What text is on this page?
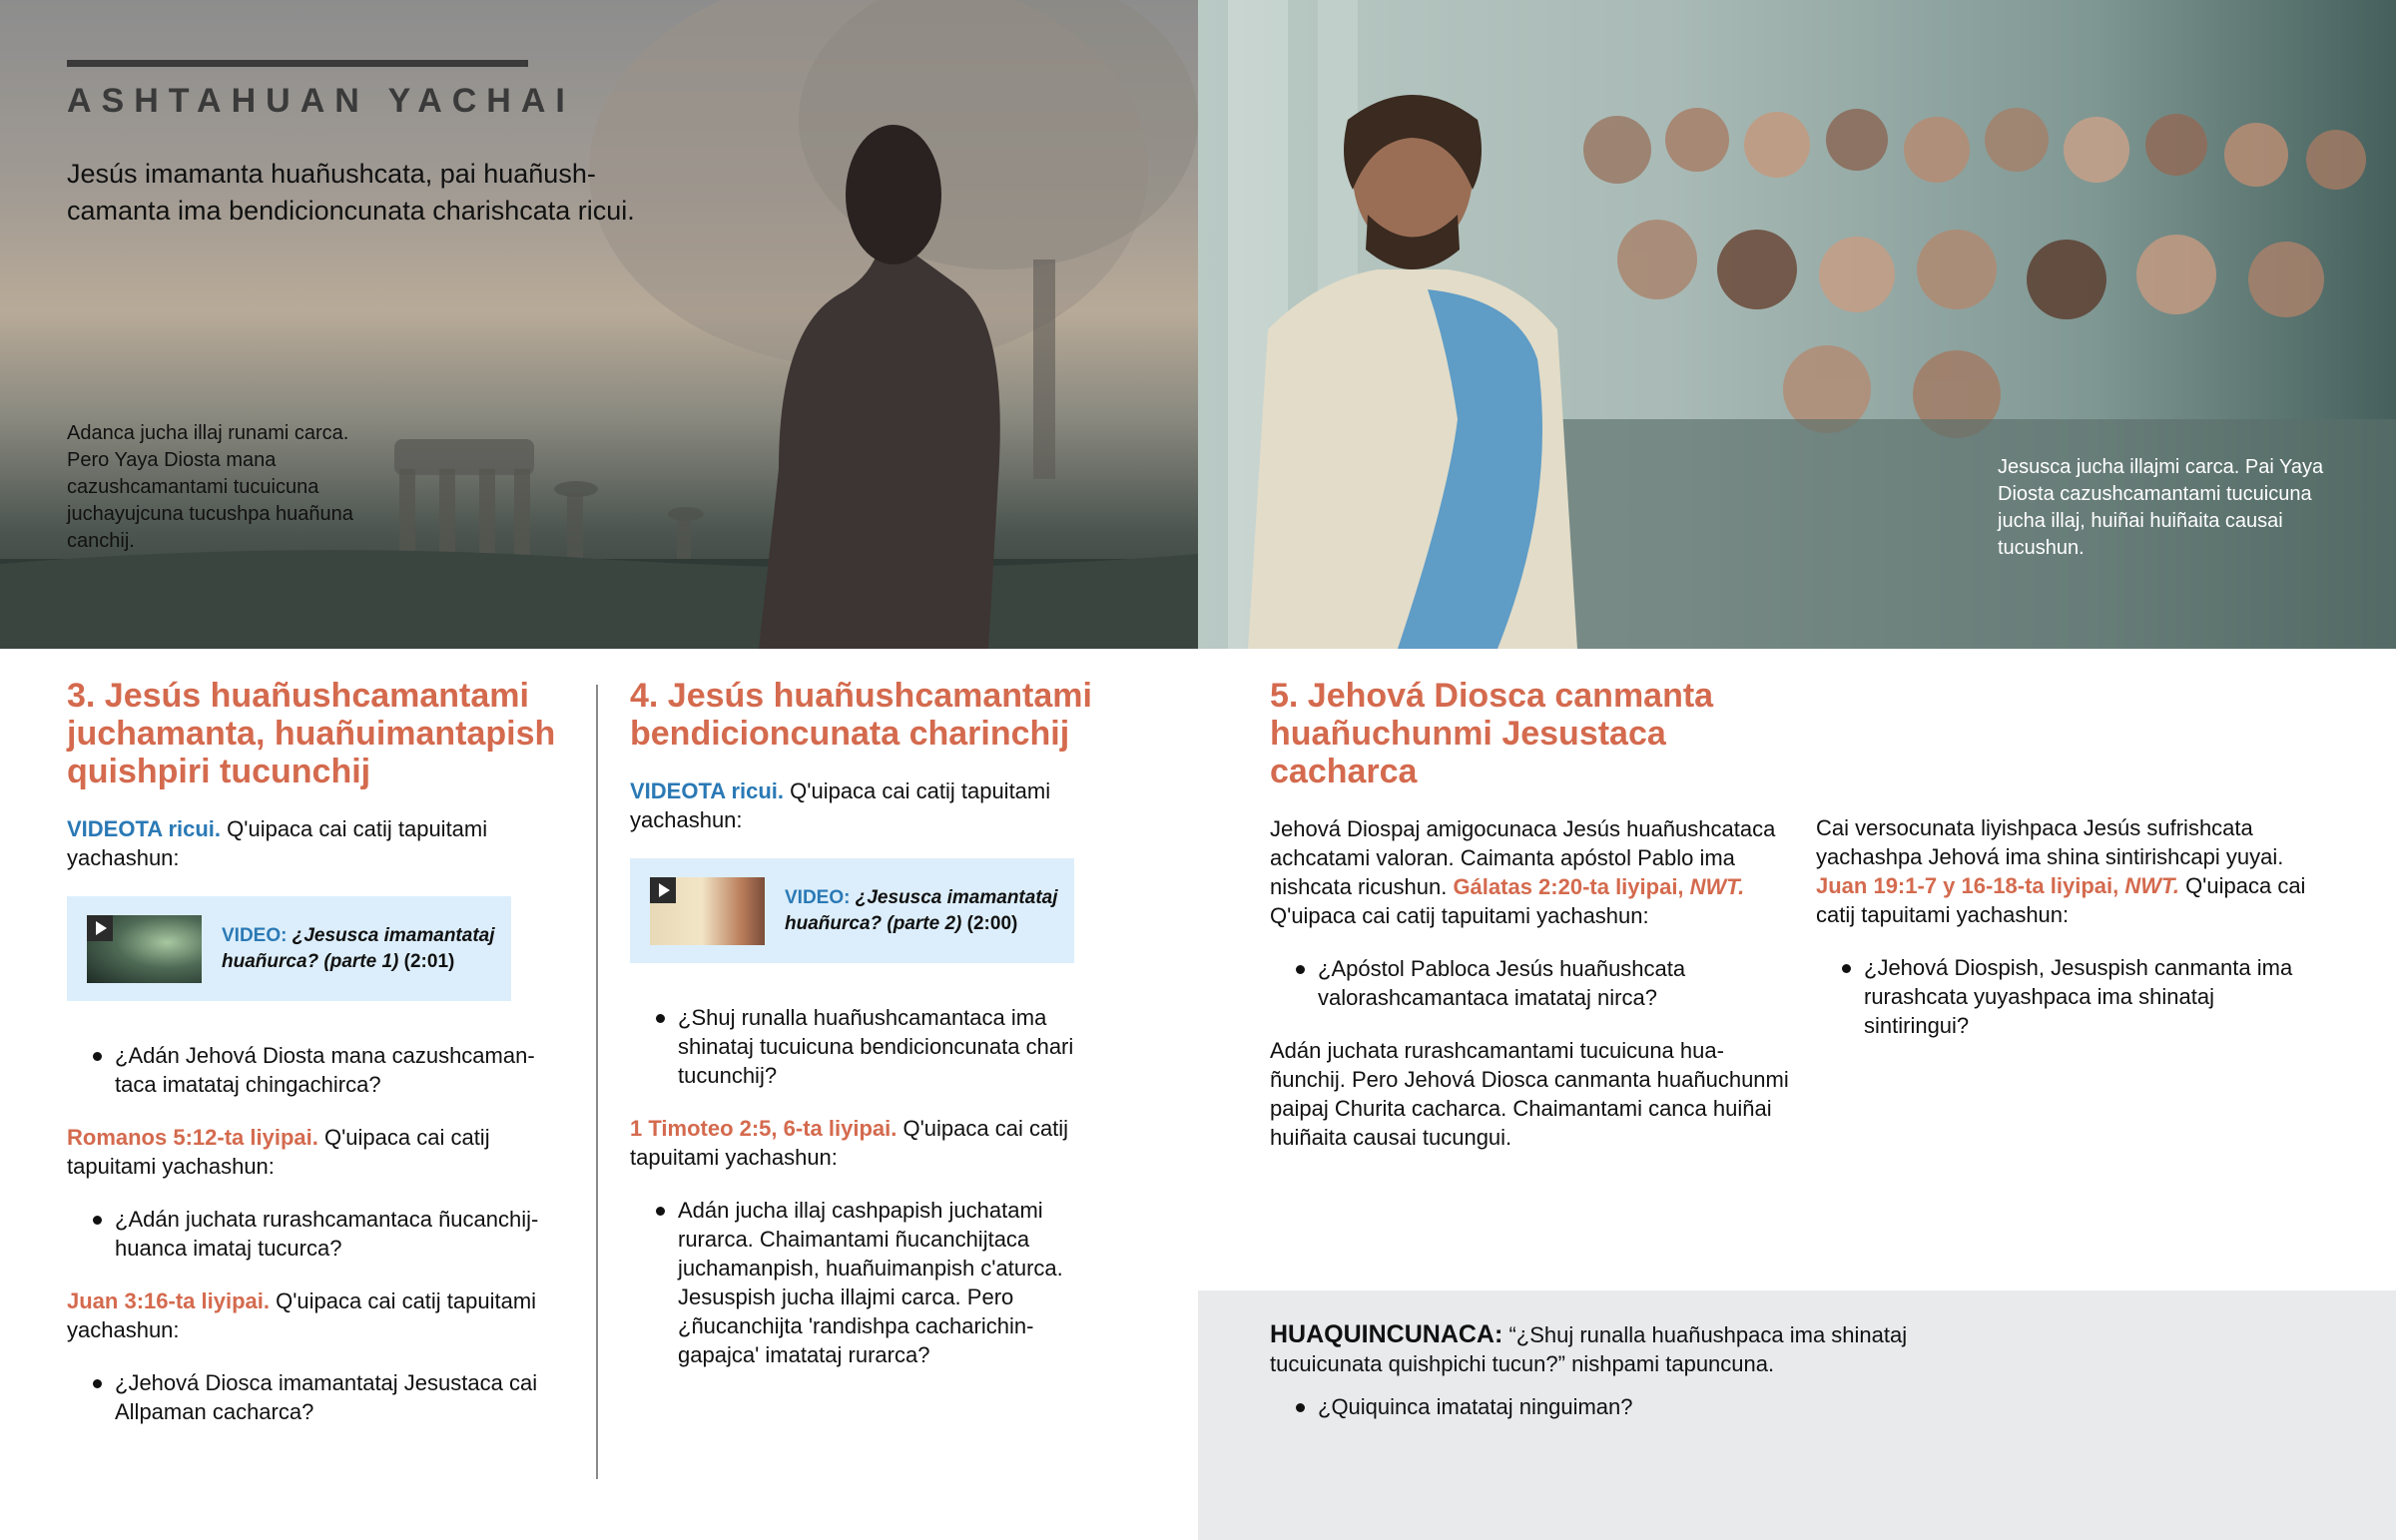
ASHTAHUAN YACHAI
Jesús imamanta huañushcata, pai huañushcamanta ima bendicioncunata charishcata ricui.
Adanca jucha illaj runami carca. Pero Yaya Diosta mana cazushcamantami tucuicuna juchayujcuna tucushpa huañuna canchij.
Jesusca jucha illajmi carca. Pai Yaya Diosta cazushcamantami tucuicuna jucha illaj, huiñai huiñaita causai tucushun.
3. Jesús huañushcamantami juchamanta, huañuimantapish quishpiri tucunchij
VIDEOTA ricui. Q'uipaca cai catij tapuitami yachashun:
VIDEO: ¿Jesusca imamantataj huañurca? (parte 1) (2:01)
¿Adán Jehová Diosta mana cazushcamantaca imatataj chingachirca?
Romanos 5:12-ta liyipai. Q'uipaca cai catij tapuitami yachashun:
¿Adán juchata rurashcamantaca ñucanchijhuanca imataj tucurca?
Juan 3:16-ta liyipai. Q'uipaca cai catij tapuitami yachashun:
¿Jehová Diosca imamantataj Jesustaca cai Allpaman cacharca?
4. Jesús huañushcamantami bendicioncunata charinchij
VIDEOTA ricui. Q'uipaca cai catij tapuitami yachashun:
VIDEO: ¿Jesusca imamantataj huañurca? (parte 2) (2:00)
¿Shuj runalla huañushcamantaca ima shinataj tucuicuna bendicioncunata chari tucunchij?
1 Timoteo 2:5, 6-ta liyipai. Q'uipaca cai catij tapuitami yachashun:
Adán jucha illaj cashpapish juchatami rurarca. Chaimantami ñucanchijtaca juchamanpish, huañuimanpish c'aturca. Jesuspish jucha illajmi carca. Pero ¿ñucanchijta 'randishpa cacharichingapajca' imatataj rurarca?
5. Jehová Diosca canmanta huañuchunmi Jesustaca cacharca
Jehová Diospaj amigocunaca Jesús huañushcataca achcatami valoran. Caimanta apóstol Pablo ima nishcata ricushun. Gálatas 2:20-ta liyipai, NWT. Q'uipaca cai catij tapuitami yachashun:
¿Apóstol Pabloca Jesús huañushcata valorashcamantaca imatataj nirca?
Adán juchata rurashcamantami tucuicuna huañunchij. Pero Jehová Diosca canmanta huañuchunmi paipaj Churita cacharca. Chaimantami canca huiñai huiñaita causai tucungui.
Cai versocunata liyishpaca Jesús sufrishcata yachashpa Jehová ima shina sintirishcapi yuyai. Juan 19:1-7 y 16-18-ta liyipai, NWT. Q'uipaca cai catij tapuitami yachashun:
¿Jehová Diospish, Jesuspish canmanta ima rurashcata yuyashpaca ima shinataj sintiringui?
HUAQUINCUNACA: “¿Shuj runalla huañushpaca ima shinataj tucuicunata quishpichi tucun?” nishpami tapuncuna.
¿Quiquinca imatataj ninguiman?
